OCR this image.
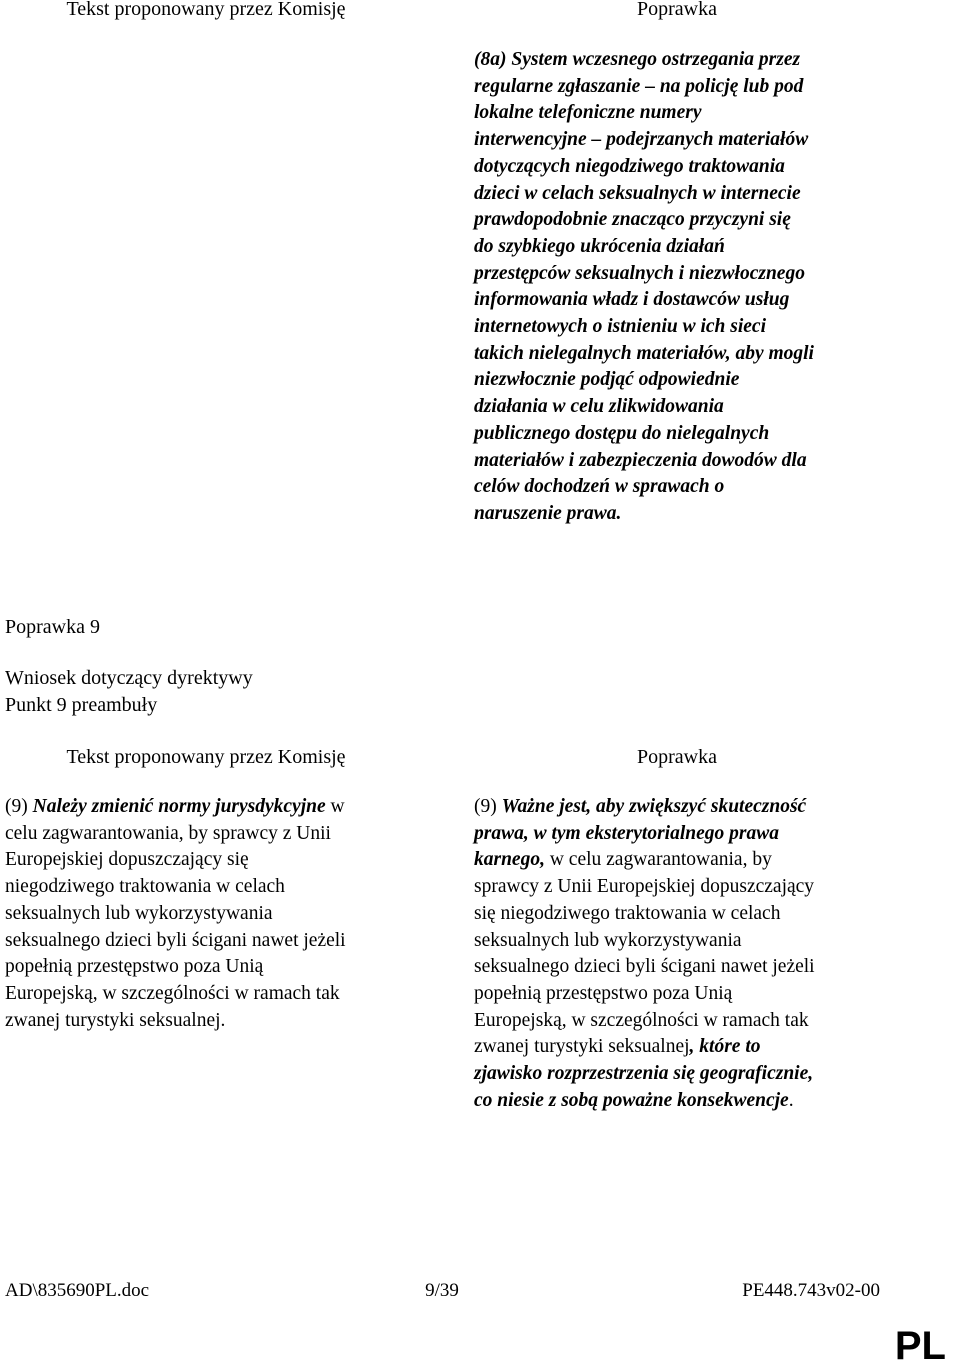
Tekst proponowany przez Komisję	Poprawka
(8a) System wczesnego ostrzegania przez
regularne zgłaszanie – na policję lub pod
lokalne telefoniczne numery
interwencyjne – podejrzanych materiałów
dotyczących niegodziwego traktowania
dzieci w celach seksualnych w internecie
prawdopodobnie znacząco przyczyni się
do szybkiego ukrócenia działań
przestępców seksualnych i niezwłocznego
informowania władz i dostawców usług
internetowych o istnieniu w ich sieci
takich nielegalnych materiałów, aby mogli
niezwłocznie podjąć odpowiednie
działania w celu zlikwidowania
publicznego dostępu do nielegalnych
materiałów i zabezpieczenia dowodów dla
celów dochodzeń w sprawach o
naruszenie prawa.
Poprawka 9
Wniosek dotyczący dyrektywy
Punkt 9 preambuły
Tekst proponowany przez Komisję	Poprawka
(9) Należy zmienić normy jurysdykcyjne w
celu zagwarantowania, by sprawcy z Unii
Europejskiej dopuszczający się
niegodziwego traktowania w celach
seksualnych lub wykorzystywania
seksualnego dzieci byli ścigani nawet jeżeli
popełnią przestępstwo poza Unią
Europejską, w szczególności w ramach tak
zwanej turystyki seksualnej.
(9) Ważne jest, aby zwiększyć skuteczność
prawa, w tym eksterytorialnego prawa
karnego, w celu zagwarantowania, by
sprawcy z Unii Europejskiej dopuszczający
się niegodziwego traktowania w celach
seksualnych lub wykorzystywania
seksualnego dzieci byli ścigani nawet jeżeli
popełnią przestępstwo poza Unią
Europejską, w szczególności w ramach tak
zwanej turystyki seksualnej, które to
zjawisko rozprzestrzenia się geograficznie,
co niesie z sobą poważne konsekwencje.
AD\835690PL.doc	9/39	PE448.743v02-00
PL
